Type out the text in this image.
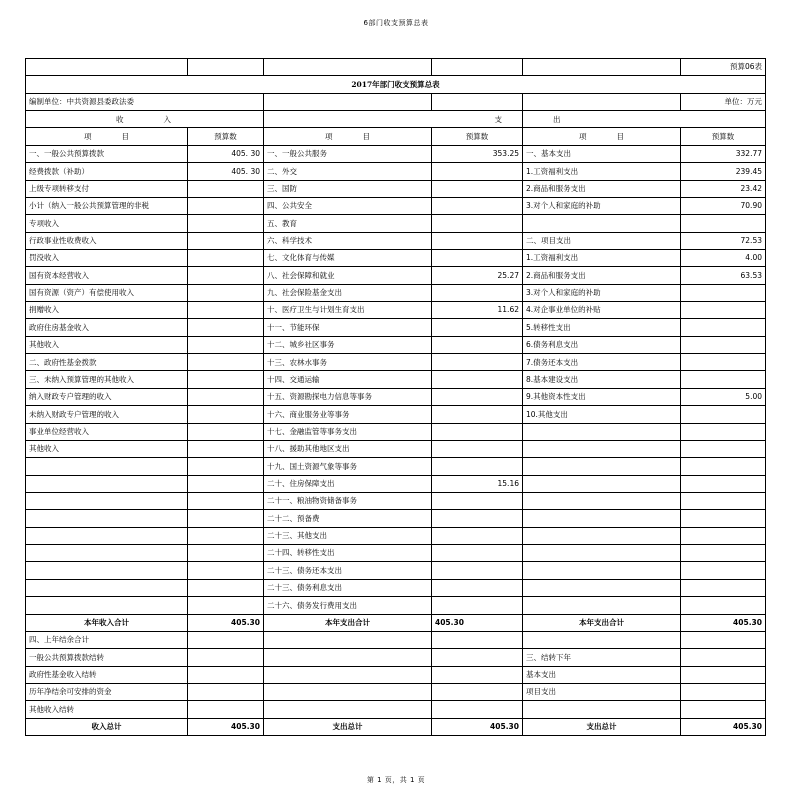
6部门收支预算总表
					预算06表
2017年部门收支预算总表					
编制单位：中共资源县委政法委					单位：万元
收　　　　入		支		出	
项　　　　目	预算数	项　　　　目	预算数	项　　　　目	预算数
一、一般公共预算拨款	405. 30	一、一般公共服务	353.25	一、基本支出	332.77
经费拨款（补助）	405. 30	二、外交		1.工资福利支出	239.45
上级专项转移支付		三、国防		2.商品和服务支出	23.42
小计（纳入一般公共预算管理的非税		四、公共安全		3.对个人和家庭的补助	70.90
专项收入		五、教育			
行政事业性收费收入		六、科学技术		二、项目支出	72.53
罚没收入		七、文化体育与传媒		1.工资福利支出	4.00
国有资本经营收入		八、社会保障和就业	25.27	2.商品和服务支出	63.53
国有资源（资产）有偿使用收入		九、社会保险基金支出		3.对个人和家庭的补助	
捐赠收入		十、医疗卫生与计划生育支出	11.62	4.对企事业单位的补贴	
政府住房基金收入		十一、节能环保		5.转移性支出	
其他收入		十二、城乡社区事务		6.债务利息支出	
二、政府性基金拨款		十三、农林水事务		7.债务还本支出	
三、未纳入预算管理的其他收入		十四、交通运输		8.基本建设支出	
纳入财政专户管理的收入		十五、资源勘探电力信息等事务		9.其他资本性支出	5.00
未纳入财政专户管理的收入		十六、商业服务业等事务		10.其他支出	
事业单位经营收入		十七、金融监管等事务支出			
其他收入		十八、援助其他地区支出			
		十九、国土资源气象等事务			
		二十、住房保障支出	15.16		
		二十一、粮油物资储备事务			
		二十二、预备费			
		二十三、其他支出			
		二十四、转移性支出			
		二十三、债务还本支出			
		二十三、债务利息支出			
		二十六、债务发行费用支出			
本年收入合计	405.30	本年支出合计	405.30	本年支出合计	405.30
四、上年结余合计					
一般公共预算拨款结转				三、结转下年	
政府性基金收入结转				基本支出	
历年净结余可安排的资金				项目支出	
其他收入结转					
收入总计	405.30	支出总计	405.30	支出总计	405.30
第 1 页，共 1 页
